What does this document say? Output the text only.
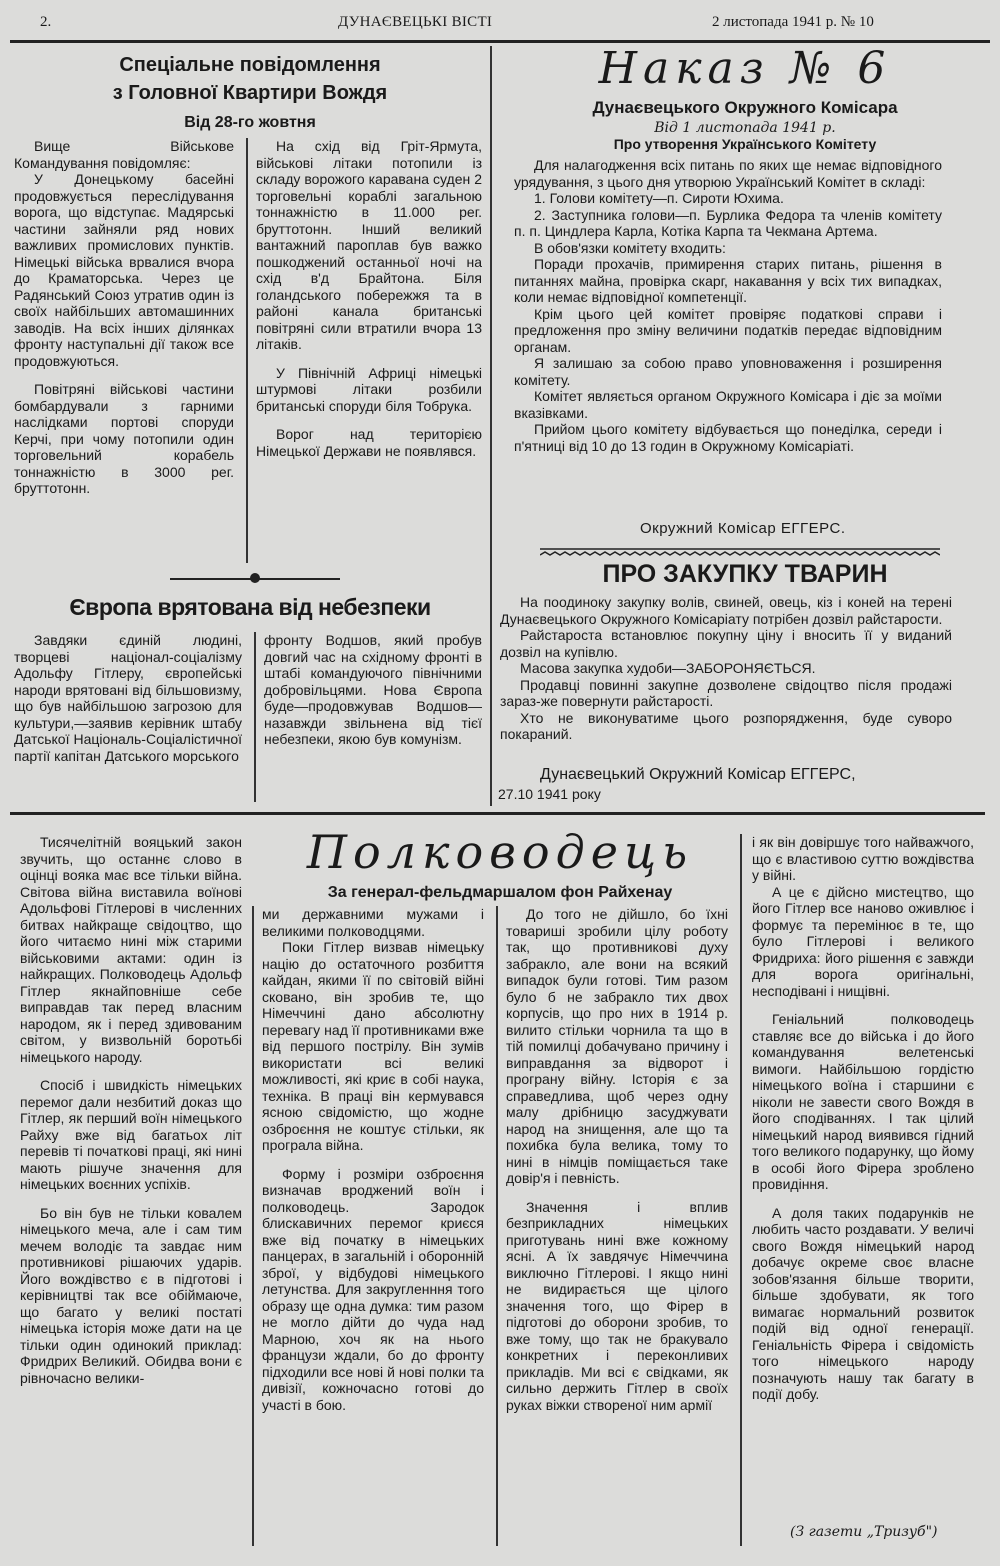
2.	ДУНАЄВЕЦЬКІ ВІСТІ	2 листопада 1941 р. № 10
Спеціальне повідомлення
з Головної Квартири Вождя
Від 28-го жовтня

Вище Військове Командування повідомляє:

У Донецькому басейні продовжується переслідування ворога, що відступає. Мадярські частини зайняли ряд нових важливих промислових пунктів. Німецькі війська врвалися вчора до Краматорська. Через це Радянський Союз утратив один із своїх найбільших автомашинних заводів. На всіх інших ділянках фронту наступальні дії також все продовжуються.

Повітряні військові частини бомбардували з гарними наслідками портові споруди Керчі, при чому потопили один торговельний корабель тоннажністю в 3000 рег. бруттотонн.

На схід від Гріт-Ярмута, військові літаки потопили із складу ворожого каравана суден 2 торговельні кораблі загальною тоннажністю в 11.000 рег. бруттотонн. Інший великий вантажний пароплав був важко пошкоджений останньої ночі на схід в'д Брайтона. Біля голандського побережжя та в районі канала британські повітряні сили втратили вчора 13 літаків.

У Північній Африці німецькі штурмові літаки розбили британські споруди біля Тобрука.

Ворог над територією Німецької Держави не появлявся.

Європа врятована від небезпеки

Завдяки єдиній людині, творцеві націонал-соціалізму Адольфу Гітлеру, європейські народи врятовані від більшовизму, що був найбільшою загрозою для культури,—заявив керівник штабу Датської Національ-Соціалістичної партії капітан Датського морського

фронту Водшов, який пробув довгий час на східному фронті в штабі командуючого північними добровільцями. Нова Європа буде—продовжував Водшов—назавжди звільнена від тієї небезпеки, якою був комунізм.

Наказ № 6
Дунаєвецького Окружного Комісара
Від 1 листопада 1941 р.
Про утворення Українського Комітету

Для налагодження всіх питань по яких ще немає відповідного урядування, з цього дня утворюю Український Комітет в складі:

1. Голови комітету—п. Сироти Юхима.

2. Заступника голови—п. Бурлика Федора та членів комітету п. п. Циндлера Карла, Котіка Карпа та Чекмана Артема.

В обов'язки комітету входить:

Поради прохачів, примирення старих питань, рішення в питаннях майна, провірка скарг, накавання у всіх тих випадках, коли немає відповідної компетенції.

Крім цього цей комітет провіряє податкові справи і предложення про зміну величини податків передає відповідним органам.

Я залишаю за собою право уповноваження і розширення комітету.

Комітет являється органом Окружного Комісара і діє за моїми вказівками.

Прийом цього комітету відбувається що понеділка, середи і п'ятниці від 10 до 13 годин в Окружному Комісаріаті.

Окружний Комісар ЕГГЕРС.
ПРО ЗАКУПКУ ТВАРИН

На поодиноку закупку волів, свиней, овець, кіз і коней на терені Дунаєвецького Окружного Комісаріату потрібен дозвіл райстарости.

Райстароста встановлює покупну ціну і вносить її у виданий дозвіл на купівлю.

Масова закупка худоби—ЗАБОРОНЯЄТЬСЯ.

Продавці повинні закупне дозволене свідоцтво після продажі зараз-же повернути райстарості.

Хто не виконуватиме цього розпорядження, буде суворо покараний.

Дунаєвецький Окружний Комісар ЕГГЕРС,
27.10 1941 року
Полководець
За генерал-фельдмаршалом фон Райхенау

Тисячелітній вояцький закон звучить, що останнє слово в оцінці вояка має все тільки війна. Світова війна виставила воїнові Адольфові Гітлерові в численних битвах найкраще свідоцтво, що його читаємо нині між старими військовими актами: один із найкращих. Полководець Адольф Гітлер якнайповніше себе виправдав так перед власним народом, як і перед здивованим світом, у визвольній боротьбі німецького народу.

Спосіб і швидкість німецьких перемог дали незбитий доказ що Гітлер, як перший воїн німецького Райху вже від багатьох літ перевів ті початкові праці, які нині мають рішуче значення для німецьких воєнних успіхів.

Бо він був не тільки ковалем німецького меча, але і сам тим мечем володіє та завдає ним противникові рішаючих ударів. Його вождівство є в підготові і керівництві так все обіймаюче, що багато у великі постаті німецька історія може дати на це тільки один одинокий приклад: Фридрих Великий. Обидва вони є рівночасно велики-

ми державними мужами і великими полководцями.

Поки Гітлер визвав німецьку націю до остаточного розбиття кайдан, якими її по світовій війні сковано, він зробив те, що Німеччині дано абсолютну перевагу над її противниками вже від першого пострілу. Він зумів використати всі великі можливості, які криє в собі наука, техніка. В праці він кермувався ясною свідомістю, що жодне озброєння не коштує стільки, як програла війна.

Форму і розміри озброєння визначав вроджений воїн і полководець. Зародок блискавичних перемог криєся вже від початку в німецьких панцерах, в загальній і оборонній зброї, у відбудові німецького летунства. Для закругленння того образу ще одна думка: тим разом не могло дійти до чуда над Марною, хоч як на нього французи ждали, бо до фронту підходили все нові й нові полки та дивізії, кожночасно готові до участі в бою.

До того не дійшло, бо їхні товариші зробили цілу роботу так, що противникові духу забракло, але вони на всякий випадок були готові. Тим разом було б не забракло тих двох корпусів, що про них в 1914 р. вилито стільки чорнила та що в тій помилці добачувано причину і виправдання за відворот і програну війну. Історія є за справедлива, щоб через одну малу дрібницю засуджувати народ на знищення, але що та похибка була велика, тому то нині в німців поміщається таке довір'я і певність.

Значення і вплив безприкладних німецьких приготувань нині вже кожному ясні. А їх завдячує Німеччина виключно Гітлерові. І якщо нині не видирається ще цілого значення того, що Фірер в підготові до оборони зробив, то вже тому, що так не бракувало конкретних і переконливих прикладів. Ми всі є свідками, як сильно держить Гітлер в своїх руках віжки створеної ним армії

і як він довіршує того найважчого, що є властивою суттю вождівства у війні.

А це є дійсно мистецтво, що його Гітлер все наново оживлює і формує та перемінює в те, що було Гітлерові і великого Фридриха: його рішення є завжди для ворога оригінальні, несподівані і нищівні.

Геніальний полководець ставляє все до війська і до його командування велетенські вимоги. Найбільшою гордістю німецького воїна і старшини є ніколи не завести свого Вождя в його сподіваннях. І так цілий німецький народ виявився гідний того великого подарунку, що йому в особі його Фірера зроблено провидіння.

А доля таких подарунків не любить часто роздавати. У величі свого Вождя німецький народ добачує окреме своє власне зобов'язання більше творити, більше здобувати, як того вимагає нормальний розвиток подій від одної генерації. Геніальність Фірера і свідомість того німецького народу позначують нашу так багату в події добу.

(З газети „Тризуб")
